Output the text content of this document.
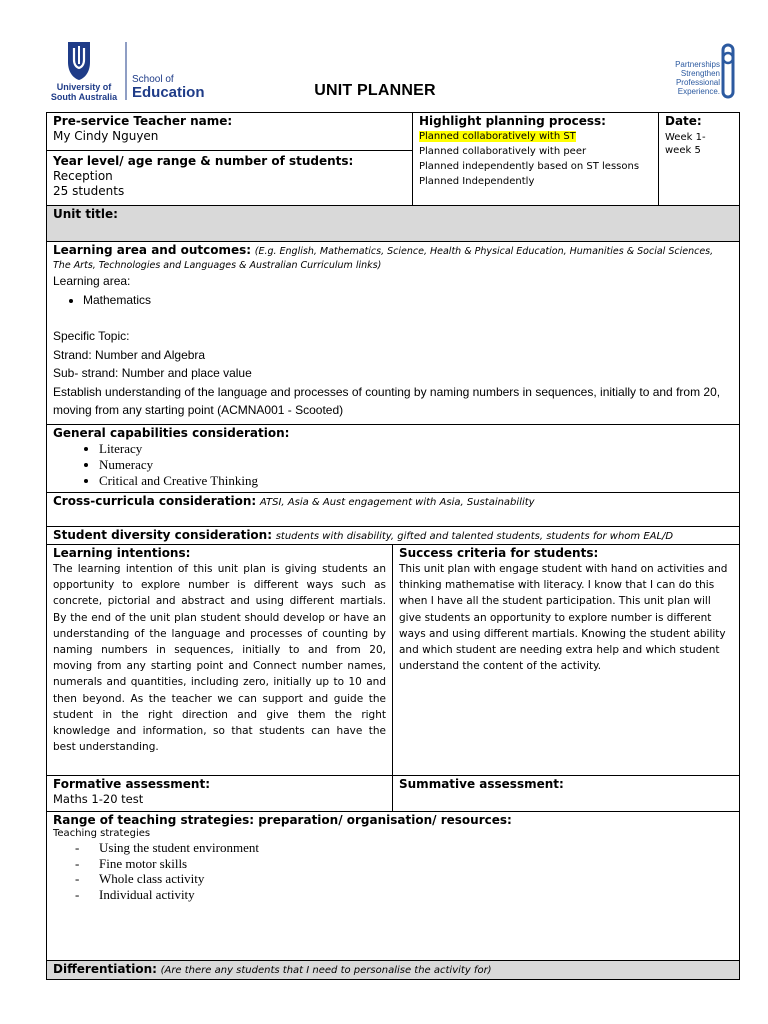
University of
South Australia
School of
Education
Partnerships
Strengthen
Professional
Experience.
UNIT PLANNER
Pre-service Teacher name:
My Cindy Nguyen
Year level/ age range & number of students:
Reception
25 students
Highlight planning process:
Planned collaboratively with ST
Planned collaboratively with peer
Planned independently based on ST lessons
Planned Independently
Date:
Week 1-
week 5
Unit title:
Learning area and outcomes: (E.g. English, Mathematics, Science, Health & Physical Education, Humanities & Social Sciences, The Arts, Technologies and Languages & Australian Curriculum links)
Learning area:
• Mathematics
Specific Topic:
Strand: Number and Algebra
Sub- strand: Number and place value
Establish understanding of the language and processes of counting by naming numbers in sequences, initially to and from 20, moving from any starting point (ACMNA001 - Scooted)
General capabilities consideration:
• Literacy
• Numeracy
• Critical and Creative Thinking
Cross-curricula consideration: ATSI, Asia & Aust engagement with Asia, Sustainability
Student diversity consideration: students with disability, gifted and talented students, students for whom EAL/D
Learning intentions:
The learning intention of this unit plan is giving students an opportunity to explore number is different ways such as concrete, pictorial and abstract and using different martials. By the end of the unit plan student should develop or have an understanding of the language and processes of counting by naming numbers in sequences, initially to and from 20, moving from any starting point and Connect number names, numerals and quantities, including zero, initially up to 10 and then beyond. As the teacher we can support and guide the student in the right direction and give them the right knowledge and information, so that students can have the best understanding.
Success criteria for students:
This unit plan with engage student with hand on activities and thinking mathematise with literacy. I know that I can do this when I have all the student participation. This unit plan will give students an opportunity to explore number is different ways and using different martials. Knowing the student ability and which student are needing extra help and which student understand the content of the activity.
Formative assessment:
Maths 1-20 test
Summative assessment:
Range of teaching strategies: preparation/ organisation/ resources:
Teaching strategies
- Using the student environment
- Fine motor skills
- Whole class activity
- Individual activity
Differentiation: (Are there any students that I need to personalise the activity for)
